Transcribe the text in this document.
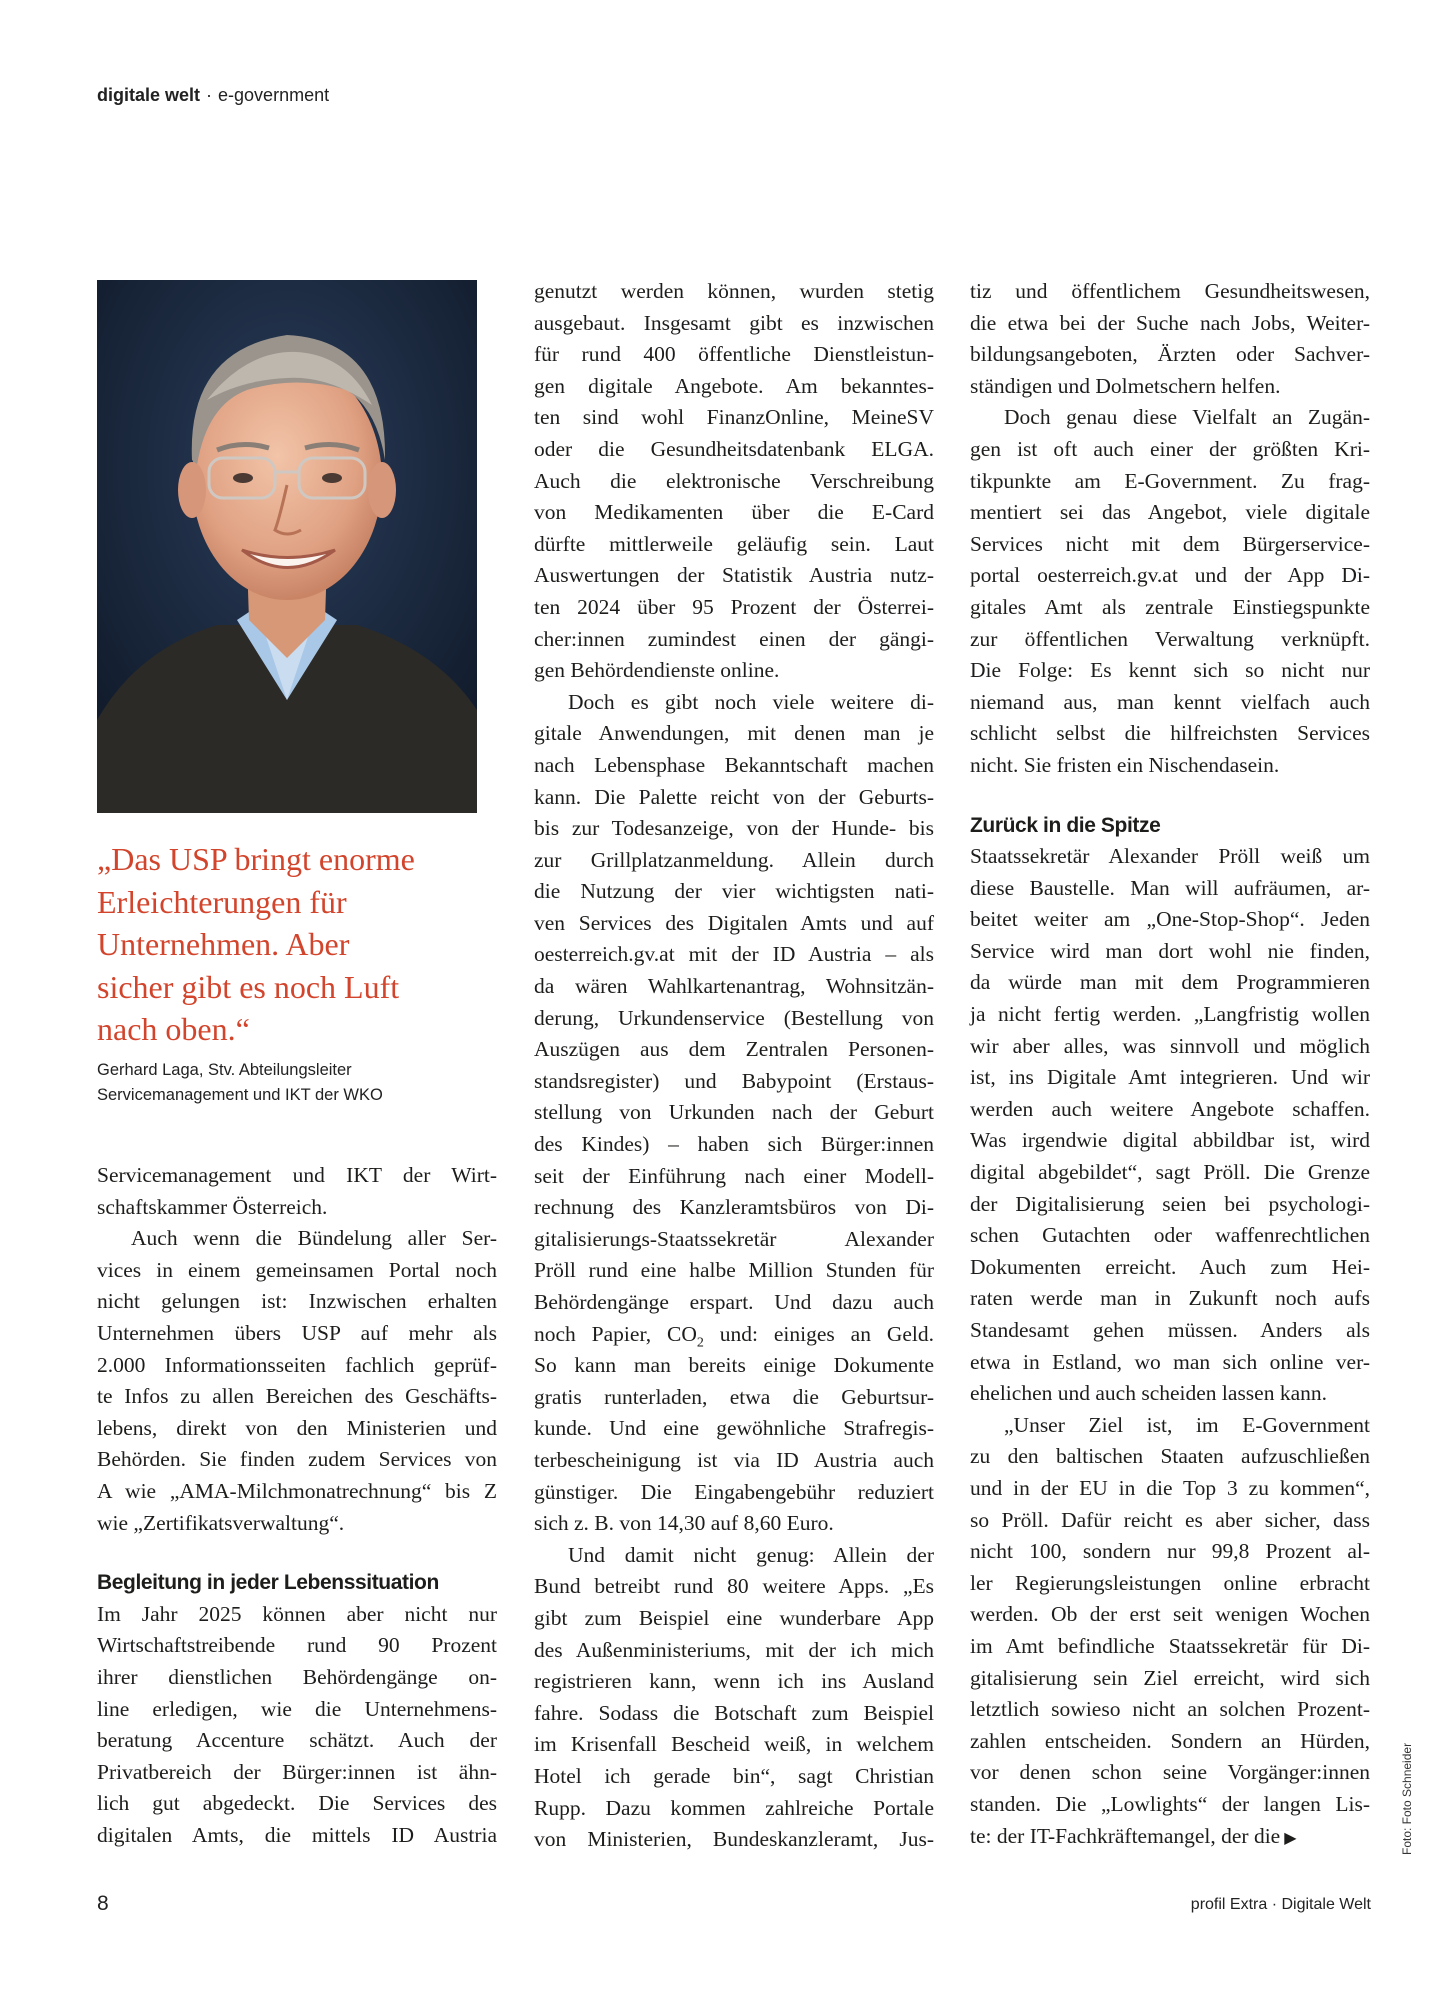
digitale welt · e-government
„Das USP bringt enorme
Erleichterungen für
Unternehmen. Aber
sicher gibt es noch Luft
nach oben.“
Gerhard Laga, Stv. Abteilungsleiter
Servicemanagement und IKT der WKO
Servicemanagement und IKT der Wirt-
schaftskammer Österreich.
Auch wenn die Bündelung aller Ser-
vices in einem gemeinsamen Portal noch
nicht gelungen ist: Inzwischen erhalten
Unternehmen übers USP auf mehr als
2.000 Informationsseiten fachlich geprüf-
te Infos zu allen Bereichen des Geschäfts-
lebens, direkt von den Ministerien und
Behörden. Sie finden zudem Services von
A wie „AMA-Milchmonatrechnung“ bis Z
wie „Zertifikatsverwaltung“.
Begleitung in jeder Lebenssituation
Im Jahr 2025 können aber nicht nur
Wirtschaftstreibende rund 90 Prozent
ihrer dienstlichen Behördengänge on-
line erledigen, wie die Unternehmens-
beratung Accenture schätzt. Auch der
Privatbereich der Bürger:innen ist ähn-
lich gut abgedeckt. Die Services des
digitalen Amts, die mittels ID Austria
genutzt werden können, wurden stetig
ausgebaut. Insgesamt gibt es inzwischen
für rund 400 öffentliche Dienstleistun-
gen digitale Angebote. Am bekanntes-
ten sind wohl FinanzOnline, MeineSV
oder die Gesundheitsdatenbank ELGA.
Auch die elektronische Verschreibung
von Medikamenten über die E-Card
dürfte mittlerweile geläufig sein. Laut
Auswertungen der Statistik Austria nutz-
ten 2024 über 95 Prozent der Österrei-
cher:innen zumindest einen der gängi-
gen Behördendienste online.
Doch es gibt noch viele weitere di-
gitale Anwendungen, mit denen man je
nach Lebensphase Bekanntschaft machen
kann. Die Palette reicht von der Geburts-
bis zur Todesanzeige, von der Hunde- bis
zur Grillplatzanmeldung. Allein durch
die Nutzung der vier wichtigsten nati-
ven Services des Digitalen Amts und auf
oesterreich.gv.at mit der ID Austria – als
da wären Wahlkartenantrag, Wohnsitzän-
derung, Urkundenservice (Bestellung von
Auszügen aus dem Zentralen Personen-
standsregister) und Babypoint (Erstaus-
stellung von Urkunden nach der Geburt
des Kindes) – haben sich Bürger:innen
seit der Einführung nach einer Modell-
rechnung des Kanzleramtsbüros von Di-
gitalisierungs-Staatssekretär Alexander
Pröll rund eine halbe Million Stunden für
Behördengänge erspart. Und dazu auch
noch Papier, $CO_2$ und: einiges an Geld.
So kann man bereits einige Dokumente
gratis runterladen, etwa die Geburtsur-
kunde. Und eine gewöhnliche Strafregis-
terbescheinigung ist via ID Austria auch
günstiger. Die Eingabengebühr reduziert
sich z. B. von 14,30 auf 8,60 Euro.
Und damit nicht genug: Allein der
Bund betreibt rund 80 weitere Apps. „Es
gibt zum Beispiel eine wunderbare App
des Außenministeriums, mit der ich mich
registrieren kann, wenn ich ins Ausland
fahre. Sodass die Botschaft zum Beispiel
im Krisenfall Bescheid weiß, in welchem
Hotel ich gerade bin“, sagt Christian
Rupp. Dazu kommen zahlreiche Portale
von Ministerien, Bundeskanzleramt, Jus-
tiz und öffentlichem Gesundheitswesen,
die etwa bei der Suche nach Jobs, Weiter-
bildungsangeboten, Ärzten oder Sachver-
ständigen und Dolmetschern helfen.
Doch genau diese Vielfalt an Zugän-
gen ist oft auch einer der größten Kri-
tikpunkte am E-Government. Zu frag-
mentiert sei das Angebot, viele digitale
Services nicht mit dem Bürgerservice-
portal oesterreich.gv.at und der App Di-
gitales Amt als zentrale Einstiegspunkte
zur öffentlichen Verwaltung verknüpft.
Die Folge: Es kennt sich so nicht nur
niemand aus, man kennt vielfach auch
schlicht selbst die hilfreichsten Services
nicht. Sie fristen ein Nischendasein.
Zurück in die Spitze
Staatssekretär Alexander Pröll weiß um
diese Baustelle. Man will aufräumen, ar-
beitet weiter am „One-Stop-Shop“. Jeden
Service wird man dort wohl nie finden,
da würde man mit dem Programmieren
ja nicht fertig werden. „Langfristig wollen
wir aber alles, was sinnvoll und möglich
ist, ins Digitale Amt integrieren. Und wir
werden auch weitere Angebote schaffen.
Was irgendwie digital abbildbar ist, wird
digital abgebildet“, sagt Pröll. Die Grenze
der Digitalisierung seien bei psychologi-
schen Gutachten oder waffenrechtlichen
Dokumenten erreicht. Auch zum Hei-
raten werde man in Zukunft noch aufs
Standesamt gehen müssen. Anders als
etwa in Estland, wo man sich online ver-
ehelichen und auch scheiden lassen kann.
„Unser Ziel ist, im E-Government
zu den baltischen Staaten aufzuschließen
und in der EU in die Top 3 zu kommen“,
so Pröll. Dafür reicht es aber sicher, dass
nicht 100, sondern nur 99,8 Prozent al-
ler Regierungsleistungen online erbracht
werden. Ob der erst seit wenigen Wochen
im Amt befindliche Staatssekretär für Di-
gitalisierung sein Ziel erreicht, wird sich
letztlich sowieso nicht an solchen Prozent-
zahlen entscheiden. Sondern an Hürden,
vor denen schon seine Vorgänger:innen
standen. Die „Lowlights“ der langen Lis-
te: der IT-Fachkräftemangel, der die ▶	Foto: Foto Schneider
8	profil Extra · Digitale Welt
